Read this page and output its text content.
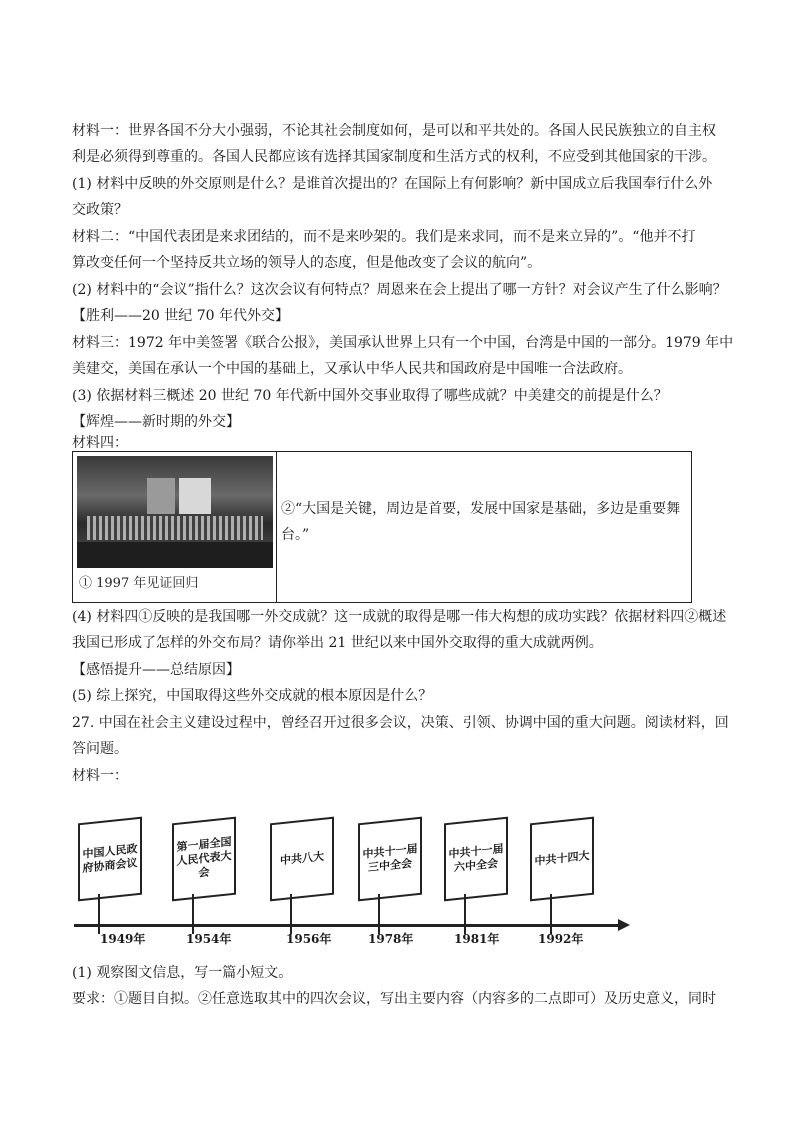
材料一：世界各国不分大小强弱，不论其社会制度如何，是可以和平共处的。各国人民民族独立的自主权
利是必须得到尊重的。各国人民都应该有选择其国家制度和生活方式的权利，不应受到其他国家的干涉。
(1) 材料中反映的外交原则是什么？是谁首次提出的？在国际上有何影响？新中国成立后我国奉行什么外
交政策？
材料二：“中国代表团是来求团结的，而不是来吵架的。我们是来求同，而不是来立异的”。“他并不打
算改变任何一个坚持反共立场的领导人的态度，但是他改变了会议的航向”。
(2) 材料中的“会议”指什么？这次会议有何特点？周恩来在会上提出了哪一方针？对会议产生了什么影响？
【胜利——20 世纪 70 年代外交】
材料三：1972 年中美签署《联合公报》，美国承认世界上只有一个中国，台湾是中国的一部分。1979 年中
美建交，美国在承认一个中国的基础上，又承认中华人民共和国政府是中国唯一合法政府。
(3) 依据材料三概述 20 世纪 70 年代新中国外交事业取得了哪些成就？中美建交的前提是什么？
【辉煌——新时期的外交】
材料四：
① 1997 年见证回归
②“大国是关键，周边是首要，发展中国家是基础，多边是重要舞
台。”
(4) 材料四①反映的是我国哪一外交成就？这一成就的取得是哪一伟大构想的成功实践？依据材料四②概述
我国已形成了怎样的外交布局？请你举出 21 世纪以来中国外交取得的重大成就两例。
【感悟提升——总结原因】
(5) 综上探究，中国取得这些外交成就的根本原因是什么？
27. 中国在社会主义建设过程中，曾经召开过很多会议，决策、引领、协调中国的重大问题。阅读材料，回
答问题。
材料一：
中国人民政府协商会议
第一届全国人民代表大会
中共八大	中共十一届三中全会
中共十一届六中全会	中共十四大
1949年	1954年	1956年	1978年	1981年	1992年
(1) 观察图文信息，写一篇小短文。
要求：①题目自拟。②任意选取其中的四次会议，写出主要内容（内容多的二点即可）及历史意义，同时
